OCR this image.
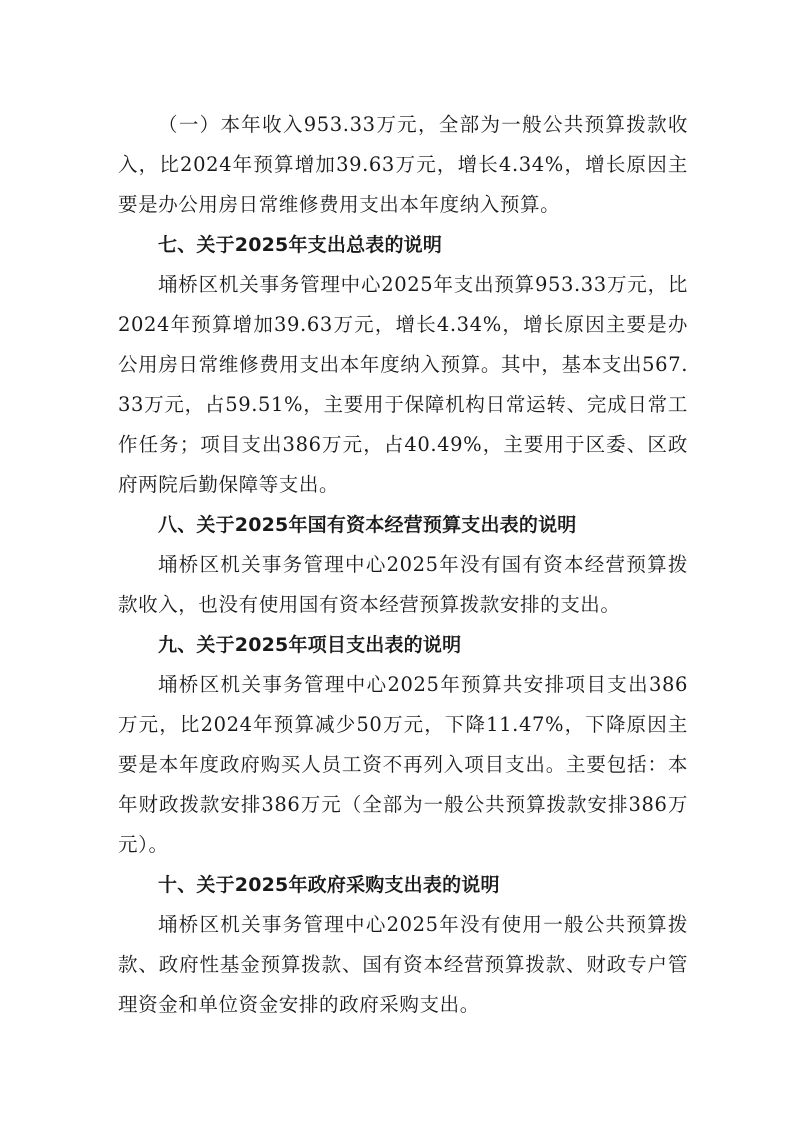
（一）本年收入953.33万元，全部为一般公共预算拨款收入，比2024年预算增加39.63万元，增长4.34%，增长原因主要是办公用房日常维修费用支出本年度纳入预算。

七、关于2025年支出总表的说明

埇桥区机关事务管理中心2025年支出预算953.33万元，比2024年预算增加39.63万元，增长4.34%，增长原因主要是办公用房日常维修费用支出本年度纳入预算。其中，基本支出567.33万元，占59.51%，主要用于保障机构日常运转、完成日常工作任务；项目支出386万元，占40.49%，主要用于区委、区政府两院后勤保障等支出。

八、关于2025年国有资本经营预算支出表的说明

埇桥区机关事务管理中心2025年没有国有资本经营预算拨款收入，也没有使用国有资本经营预算拨款安排的支出。

九、关于2025年项目支出表的说明

埇桥区机关事务管理中心2025年预算共安排项目支出386万元，比2024年预算减少50万元，下降11.47%，下降原因主要是本年度政府购买人员工资不再列入项目支出。主要包括：本年财政拨款安排386万元（全部为一般公共预算拨款安排386万元）。

十、关于2025年政府采购支出表的说明

埇桥区机关事务管理中心2025年没有使用一般公共预算拨款、政府性基金预算拨款、国有资本经营预算拨款、财政专户管理资金和单位资金安排的政府采购支出。
